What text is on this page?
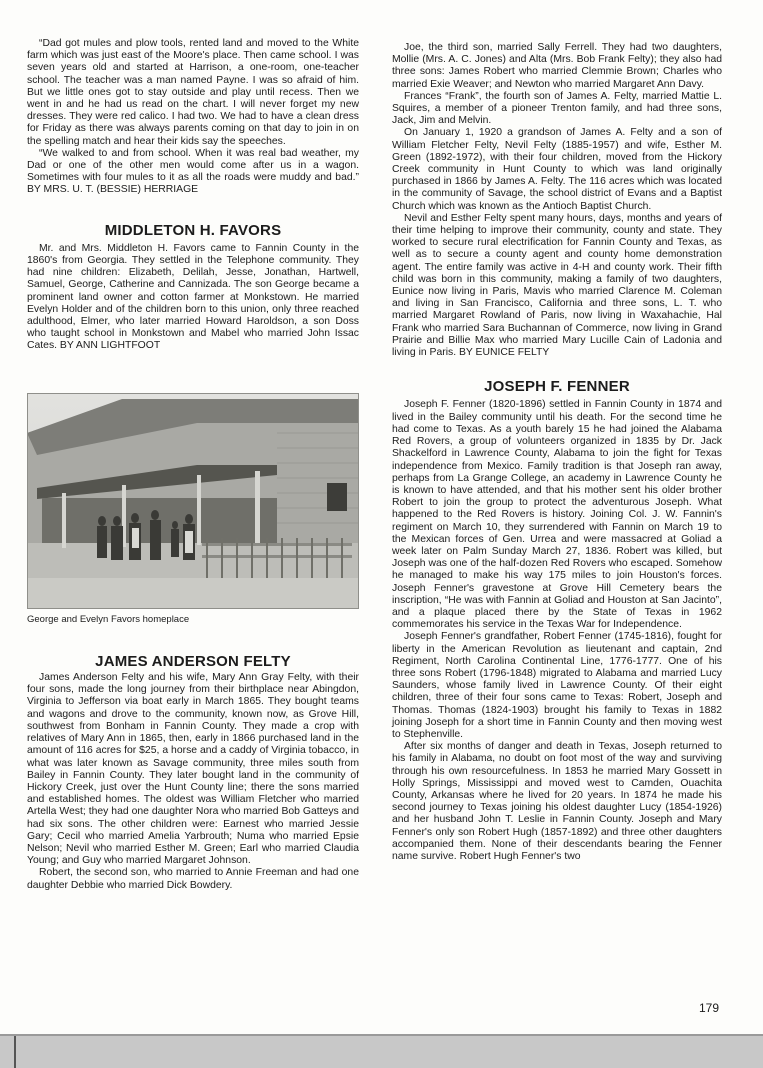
“Dad got mules and plow tools, rented land and moved to the White farm which was just east of the Moore's place. Then came school. I was seven years old and started at Harrison, a one-room, one-teacher school. The teacher was a man named Payne. I was so afraid of him. But we little ones got to stay outside and play until recess. Then we went in and he had us read on the chart. I will never forget my new dresses. They were red calico. I had two. We had to have a clean dress for Friday as there was always parents coming on that day to join in on the spelling match and hear their kids say the speeches.

“We walked to and from school. When it was real bad weather, my Dad or one of the other men would come after us in a wagon. Sometimes with four mules to it as all the roads were muddy and bad.” BY MRS. U. T. (BESSIE) HERRIAGE

MIDDLETON H. FAVORS

Mr. and Mrs. Middleton H. Favors came to Fannin County in the 1860's from Georgia. They settled in the Telephone community. They had nine children: Elizabeth, Delilah, Jesse, Jonathan, Hartwell, Samuel, George, Catherine and Cannizada. The son George became a prominent land owner and cotton farmer at Monkstown. He married Evelyn Holder and of the children born to this union, only three reached adulthood, Elmer, who later married Howard Haroldson, a son Doss who taught school in Monkstown and Mabel who married John Issac Cates. BY ANN LIGHTFOOT

George and Evelyn Favors homeplace
JAMES ANDERSON FELTY

James Anderson Felty and his wife, Mary Ann Gray Felty, with their four sons, made the long journey from their birthplace near Abingdon, Virginia to Jefferson via boat early in March 1865. They bought teams and wagons and drove to the community, known now, as Grove Hill, southwest from Bonham in Fannin County. They made a crop with relatives of Mary Ann in 1865, then, early in 1866 purchased land in the amount of 116 acres for $25, a horse and a caddy of Virginia tobacco, in what was later known as Savage community, three miles south from Bailey in Fannin County. They later bought land in the community of Hickory Creek, just over the Hunt County line; there the sons married and established homes. The oldest was William Fletcher who married Artella West; they had one daughter Nora who married Bob Gatteys and had six sons. The other children were: Earnest who married Jessie Gary; Cecil who married Amelia Yarbrouth; Numa who married Epsie Nelson; Nevil who married Esther M. Green; Earl who married Claudia Young; and Guy who married Margaret Johnson.

Robert, the second son, who married to Annie Freeman and had one daughter Debbie who married Dick Bowdery.

Joe, the third son, married Sally Ferrell. They had two daughters, Mollie (Mrs. A. C. Jones) and Alta (Mrs. Bob Frank Felty); they also had three sons: James Robert who married Clemmie Brown; Charles who married Exie Weaver; and Newton who married Margaret Ann Davy.

Frances “Frank”, the fourth son of James A. Felty, married Mattie L. Squires, a member of a pioneer Trenton family, and had three sons, Jack, Jim and Melvin.

On January 1, 1920 a grandson of James A. Felty and a son of William Fletcher Felty, Nevil Felty (1885-1957) and wife, Esther M. Green (1892-1972), with their four children, moved from the Hickory Creek community in Hunt County to which was land originally purchased in 1866 by James A. Felty. The 116 acres which was located in the community of Savage, the school district of Evans and a Baptist Church which was known as the Antioch Baptist Church.

Nevil and Esther Felty spent many hours, days, months and years of their time helping to improve their community, county and state. They worked to secure rural electrification for Fannin County and Texas, as well as to secure a county agent and county home demonstration agent. The entire family was active in 4-H and county work. Their fifth child was born in this community, making a family of two daughters, Eunice now living in Paris, Mavis who married Clarence M. Coleman and living in San Francisco, California and three sons, L. T. who married Margaret Rowland of Paris, now living in Waxahachie, Hal Frank who married Sara Buchannan of Commerce, now living in Grand Prairie and Billie Max who married Mary Lucille Cain of Ladonia and living in Paris. BY EUNICE FELTY

JOSEPH F. FENNER

Joseph F. Fenner (1820-1896) settled in Fannin County in 1874 and lived in the Bailey community until his death. For the second time he had come to Texas. As a youth barely 15 he had joined the Alabama Red Rovers, a group of volunteers organized in 1835 by Dr. Jack Shackelford in Lawrence County, Alabama to join the fight for Texas independence from Mexico. Family tradition is that Joseph ran away, perhaps from La Grange College, an academy in Lawrence County he is known to have attended, and that his mother sent his older brother Robert to join the group to protect the adventurous Joseph. What happened to the Red Rovers is history. Joining Col. J. W. Fannin's regiment on March 10, they surrendered with Fannin on March 19 to the Mexican forces of Gen. Urrea and were massacred at Goliad a week later on Palm Sunday March 27, 1836. Robert was killed, but Joseph was one of the half-dozen Red Rovers who escaped. Somehow he managed to make his way 175 miles to join Houston's forces. Joseph Fenner's gravestone at Grove Hill Cemetery bears the inscription, “He was with Fannin at Goliad and Houston at San Jacinto”, and a plaque placed there by the State of Texas in 1962 commemorates his service in the Texas War for Independence.

Joseph Fenner's grandfather, Robert Fenner (1745-1816), fought for liberty in the American Revolution as lieutenant and captain, 2nd Regiment, North Carolina Continental Line, 1776-1777. One of his three sons Robert (1796-1848) migrated to Alabama and married Lucy Saunders, whose family lived in Lawrence County. Of their eight children, three of their four sons came to Texas: Robert, Joseph and Thomas. Thomas (1824-1903) brought his family to Texas in 1882 joining Joseph for a short time in Fannin County and then moving west to Stephenville.

After six months of danger and death in Texas, Joseph returned to his family in Alabama, no doubt on foot most of the way and surviving through his own resourcefulness. In 1853 he married Mary Gossett in Holly Springs, Mississippi and moved west to Camden, Ouachita County, Arkansas where he lived for 20 years. In 1874 he made his second journey to Texas joining his oldest daughter Lucy (1854-1926) and her husband John T. Leslie in Fannin County. Joseph and Mary Fenner's only son Robert Hugh (1857-1892) and three other daughters accompanied them. None of their descendants bearing the Fenner name survive. Robert Hugh Fenner's two

179
